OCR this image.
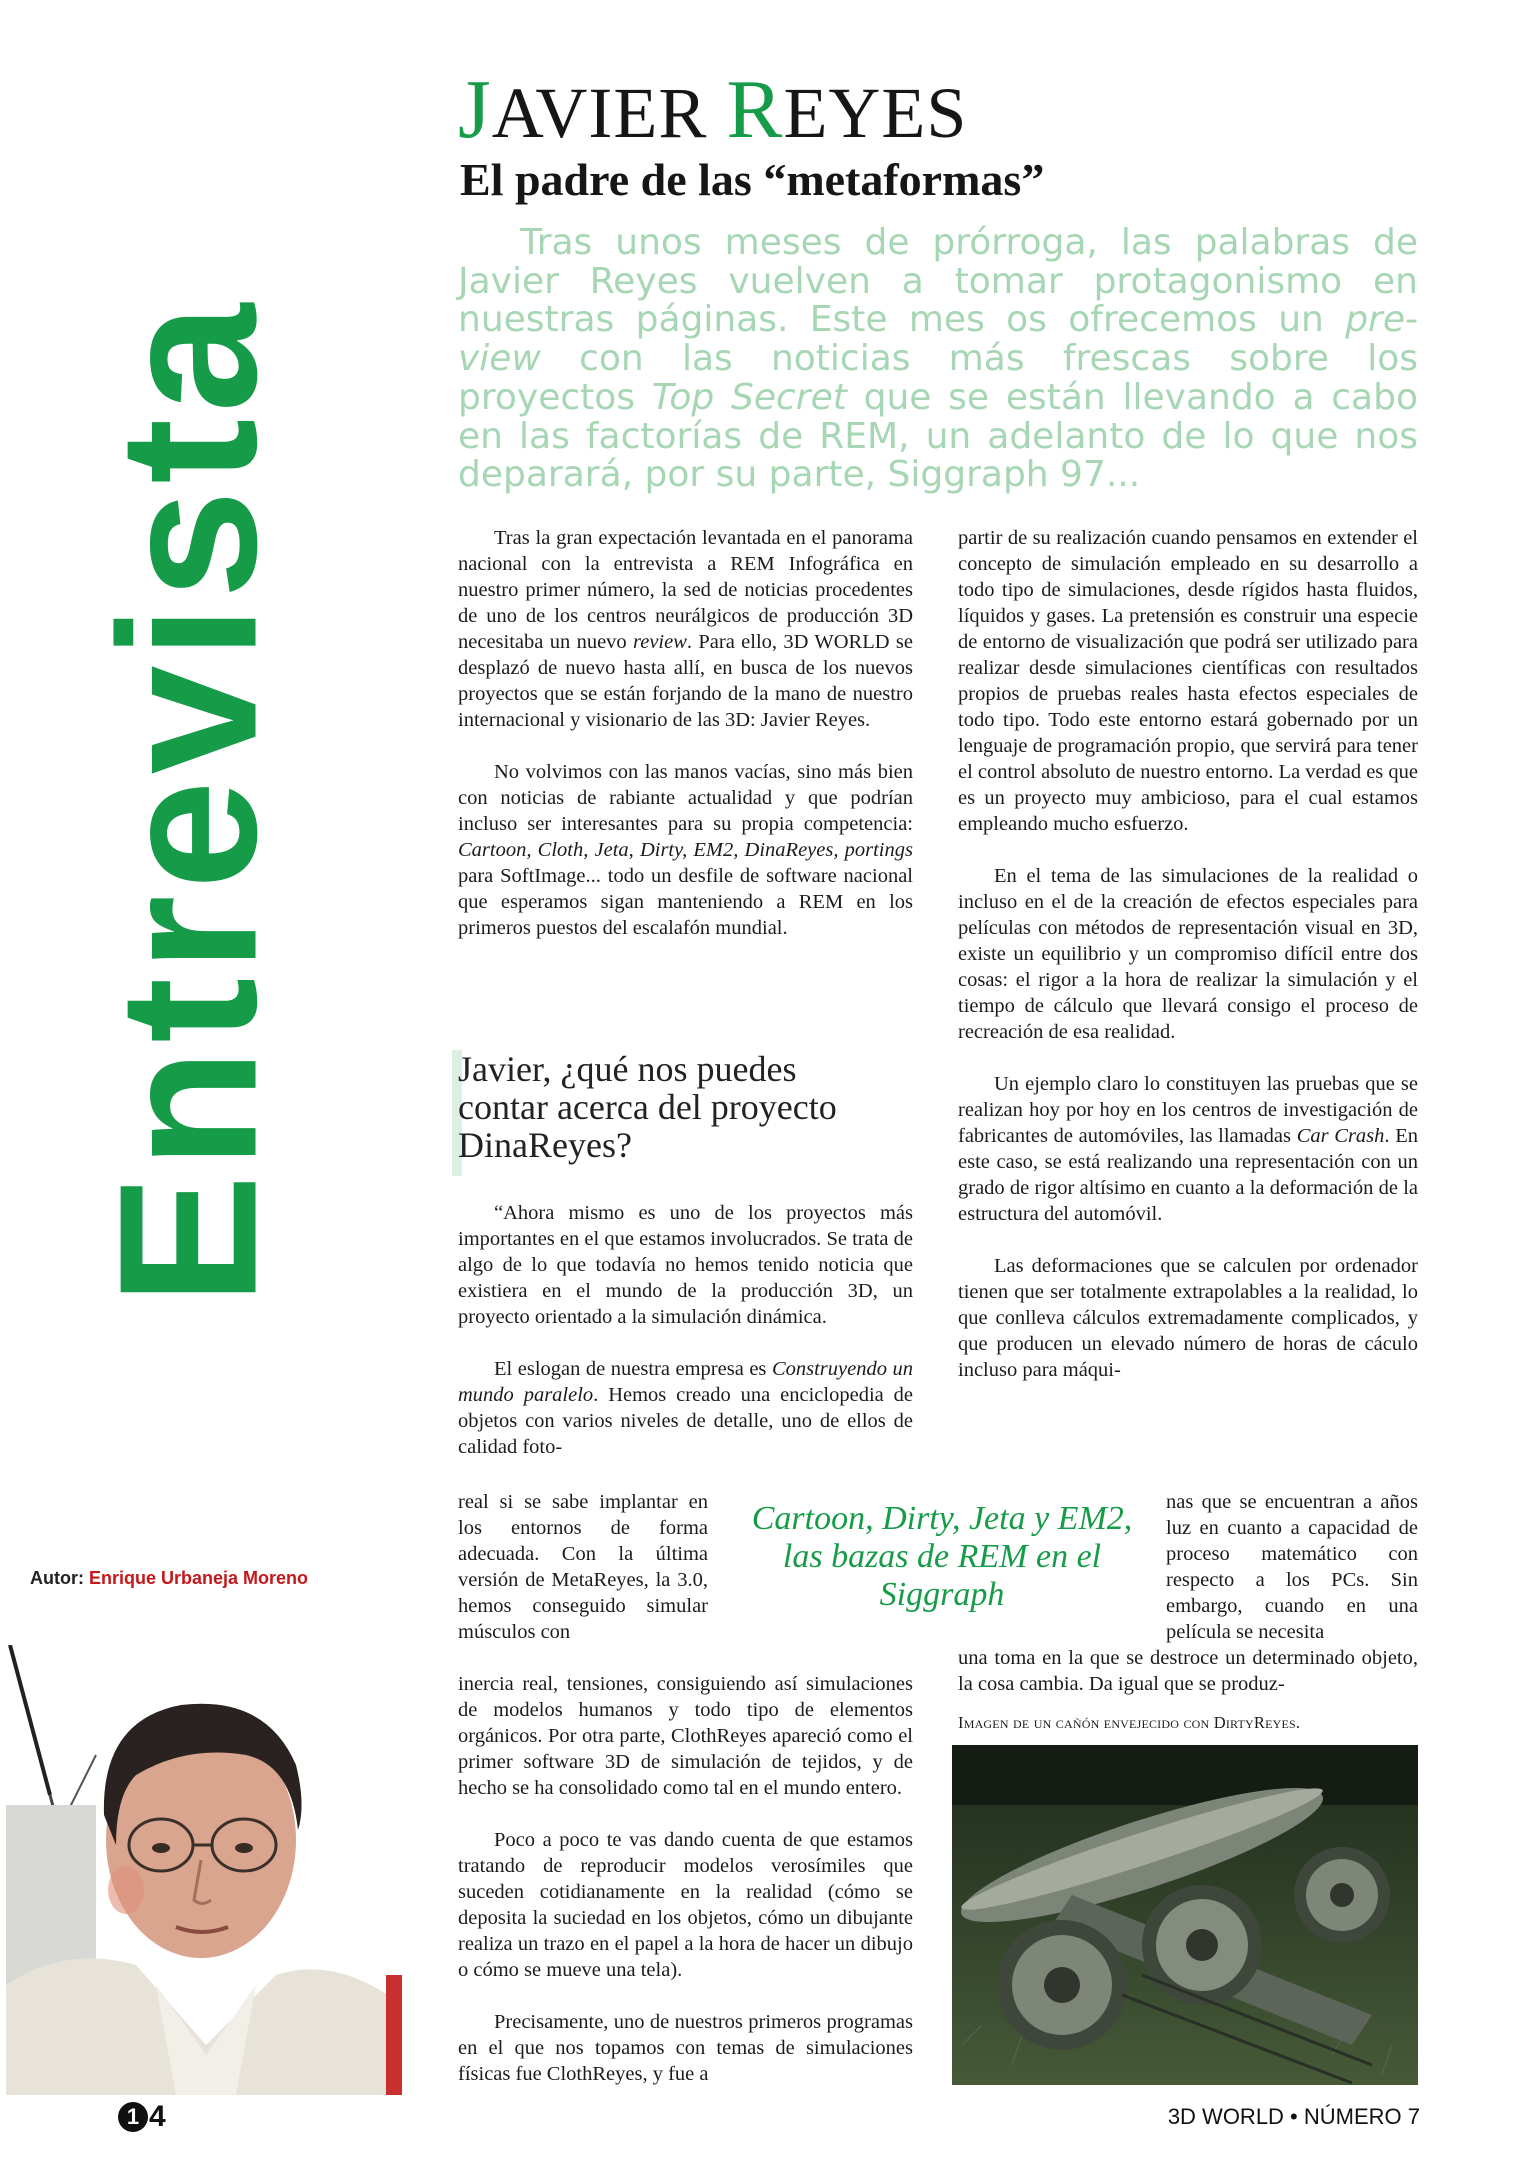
Entrevista
Autor: Enrique Urbaneja Moreno
JAVIER REYES
El padre de las “metaformas”

Tras unos meses de prórroga, las palabras de Javier Reyes vuelven a tomar protagonismo en nuestras páginas. Este mes os ofrecemos un pre-view con las noticias más frescas sobre los proyectos Top Secret que se están llevando a cabo en las factorías de REM, un adelanto de lo que nos deparará, por su parte, Siggraph 97...

Tras la gran expectación levantada en el panorama nacional con la entrevista a REM Infográfica en nuestro primer número, la sed de noticias procedentes de uno de los centros neurálgicos de producción 3D necesitaba un nuevo review. Para ello, 3D WORLD se desplazó de nuevo hasta allí, en busca de los nuevos proyectos que se están forjando de la mano de nuestro internacional y visionario de las 3D: Javier Reyes.

No volvimos con las manos vacías, sino más bien con noticias de rabiante actualidad y que podrían incluso ser interesantes para su propia competencia: Cartoon, Cloth, Jeta, Dirty, EM2, DinaReyes, portings para SoftImage... todo un desfile de software nacional que esperamos sigan manteniendo a REM en los primeros puestos del escalafón mundial.

Javier, ¿qué nos puedes contar acerca del proyecto DinaReyes?

“Ahora mismo es uno de los proyectos más importantes en el que estamos involucrados. Se trata de algo de lo que todavía no hemos tenido noticia que existiera en el mundo de la producción 3D, un proyecto orientado a la simulación dinámica.

El eslogan de nuestra empresa es Construyendo un mundo paralelo. Hemos creado una enciclopedia de objetos con varios niveles de detalle, uno de ellos de calidad foto-

real si se sabe implantar en los entornos de forma adecuada. Con la última versión de MetaReyes, la 3.0, hemos conseguido simular músculos con

Cartoon, Dirty, Jeta y EM2, las bazas de REM en el Siggraph

inercia real, tensiones, consiguiendo así simulaciones de modelos humanos y todo tipo de elementos orgánicos. Por otra parte, ClothReyes apareció como el primer software 3D de simulación de tejidos, y de hecho se ha consolidado como tal en el mundo entero.

Poco a poco te vas dando cuenta de que estamos tratando de reproducir modelos verosímiles que suceden cotidianamente en la realidad (cómo se deposita la suciedad en los objetos, cómo un dibujante realiza un trazo en el papel a la hora de hacer un dibujo o cómo se mueve una tela).

Precisamente, uno de nuestros primeros programas en el que nos topamos con temas de simulaciones físicas fue ClothReyes, y fue a

partir de su realización cuando pensamos en extender el concepto de simulación empleado en su desarrollo a todo tipo de simulaciones, desde rígidos hasta fluidos, líquidos y gases. La pretensión es construir una especie de entorno de visualización que podrá ser utilizado para realizar desde simulaciones científicas con resultados propios de pruebas reales hasta efectos especiales de todo tipo. Todo este entorno estará gobernado por un lenguaje de programación propio, que servirá para tener el control absoluto de nuestro entorno. La verdad es que es un proyecto muy ambicioso, para el cual estamos empleando mucho esfuerzo.

En el tema de las simulaciones de la realidad o incluso en el de la creación de efectos especiales para películas con métodos de representación visual en 3D, existe un equilibrio y un compromiso difícil entre dos cosas: el rigor a la hora de realizar la simulación y el tiempo de cálculo que llevará consigo el proceso de recreación de esa realidad.

Un ejemplo claro lo constituyen las pruebas que se realizan hoy por hoy en los centros de investigación de fabricantes de automóviles, las llamadas Car Crash. En este caso, se está realizando una representación con un grado de rigor altísimo en cuanto a la deformación de la estructura del automóvil.

Las deformaciones que se calculen por ordenador tienen que ser totalmente extrapolables a la realidad, lo que conlleva cálculos extremadamente complicados, y que producen un elevado número de horas de cáculo incluso para máqui-

nas que se encuentran a años luz en cuanto a capacidad de proceso matemático con respecto a los PCs. Sin embargo, cuando en una película se necesita

una toma en la que se destroce un determinado objeto, la cosa cambia. Da igual que se produz-

Imagen de un cañón envejecido con DirtyReyes.
1 4	3D WORLD • NÚMERO 7
